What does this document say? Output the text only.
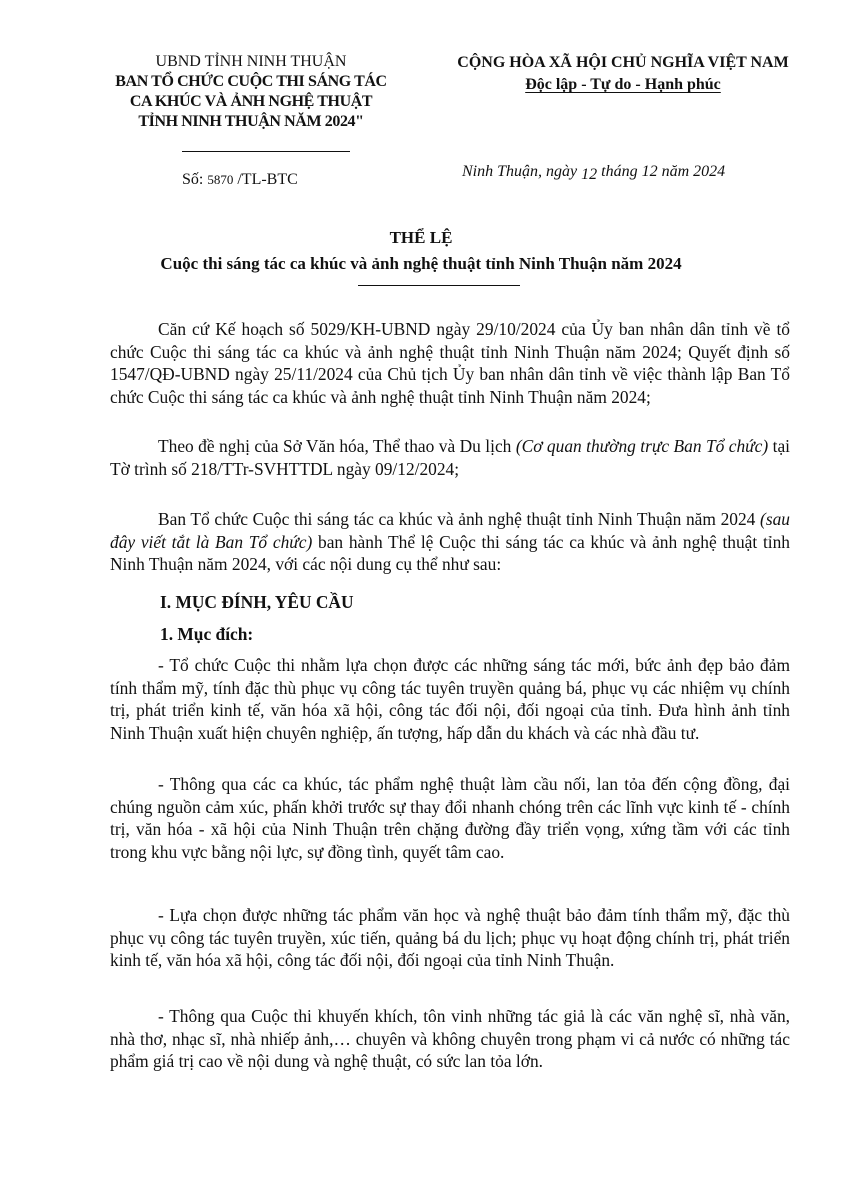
UBND TỈNH NINH THUẬN
BAN TỔ CHỨC CUỘC THI SÁNG TÁC
CA KHÚC VÀ ẢNH NGHỆ THUẬT
TỈNH NINH THUẬN NĂM 2024"
CỘNG HÒA XÃ HỘI CHỦ NGHĨA VIỆT NAM
Độc lập - Tự do - Hạnh phúc
Số: 5870 /TL-BTC	Ninh Thuận, ngày 12 tháng 12 năm 2024
THỂ LỆ
Cuộc thi sáng tác ca khúc và ảnh nghệ thuật tỉnh Ninh Thuận năm 2024
Căn cứ Kế hoạch số 5029/KH-UBND ngày 29/10/2024 của Ủy ban nhân dân tỉnh về tổ chức Cuộc thi sáng tác ca khúc và ảnh nghệ thuật tỉnh Ninh Thuận năm 2024; Quyết định số 1547/QĐ-UBND ngày 25/11/2024 của Chủ tịch Ủy ban nhân dân tỉnh về việc thành lập Ban Tổ chức Cuộc thi sáng tác ca khúc và ảnh nghệ thuật tỉnh Ninh Thuận năm 2024;
Theo đề nghị của Sở Văn hóa, Thể thao và Du lịch (Cơ quan thường trực Ban Tổ chức) tại Tờ trình số 218/TTr-SVHTTDL ngày 09/12/2024;
Ban Tổ chức Cuộc thi sáng tác ca khúc và ảnh nghệ thuật tỉnh Ninh Thuận năm 2024 (sau đây viết tắt là Ban Tổ chức) ban hành Thể lệ Cuộc thi sáng tác ca khúc và ảnh nghệ thuật tỉnh Ninh Thuận năm 2024, với các nội dung cụ thể như sau:
I. MỤC ĐÍNH, YÊU CẦU
1. Mục đích:
- Tổ chức Cuộc thi nhằm lựa chọn được các những sáng tác mới, bức ảnh đẹp bảo đảm tính thẩm mỹ, tính đặc thù phục vụ công tác tuyên truyền quảng bá, phục vụ các nhiệm vụ chính trị, phát triển kinh tế, văn hóa xã hội, công tác đối nội, đối ngoại của tỉnh. Đưa hình ảnh tỉnh Ninh Thuận xuất hiện chuyên nghiệp, ấn tượng, hấp dẫn du khách và các nhà đầu tư.
- Thông qua các ca khúc, tác phẩm nghệ thuật làm cầu nối, lan tỏa đến cộng đồng, đại chúng nguồn cảm xúc, phấn khởi trước sự thay đổi nhanh chóng trên các lĩnh vực kinh tế - chính trị, văn hóa - xã hội của Ninh Thuận trên chặng đường đầy triển vọng, xứng tầm với các tỉnh trong khu vực bằng nội lực, sự đồng tình, quyết tâm cao.
- Lựa chọn được những tác phẩm văn học và nghệ thuật bảo đảm tính thẩm mỹ, đặc thù phục vụ công tác tuyên truyền, xúc tiến, quảng bá du lịch; phục vụ hoạt động chính trị, phát triển kinh tế, văn hóa xã hội, công tác đối nội, đối ngoại của tỉnh Ninh Thuận.
- Thông qua Cuộc thi khuyến khích, tôn vinh những tác giả là các văn nghệ sĩ, nhà văn, nhà thơ, nhạc sĩ, nhà nhiếp ảnh,… chuyên và không chuyên trong phạm vi cả nước có những tác phẩm giá trị cao về nội dung và nghệ thuật, có sức lan tỏa lớn.
